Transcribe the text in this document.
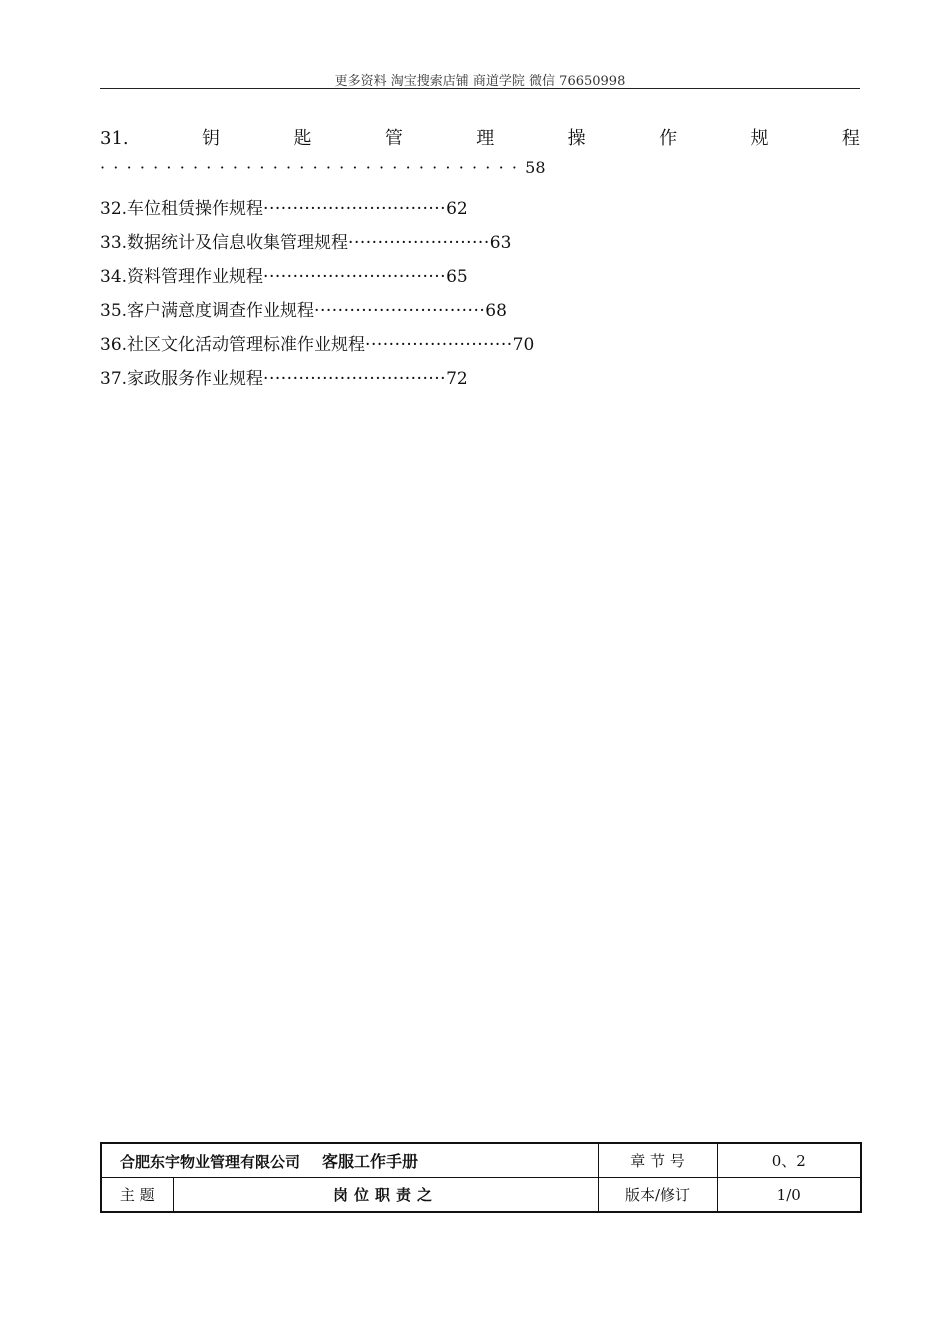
更多资料 淘宝搜索店铺 商道学院 微信 76650998
31.	钥	匙	管	理	操	作	规	程
································58
32.车位租赁操作规程·······························62
33.数据统计及信息收集管理规程························63
34.资料管理作业规程·······························65
35.客户满意度调查作业规程·····························68
36.社区文化活动管理标准作业规程·························70
37.家政服务作业规程·······························72
合肥东宇物业管理有限公司 客服工作手册		章 节 号	0、2
主 题	岗位职责之	版本/修订	1/0
